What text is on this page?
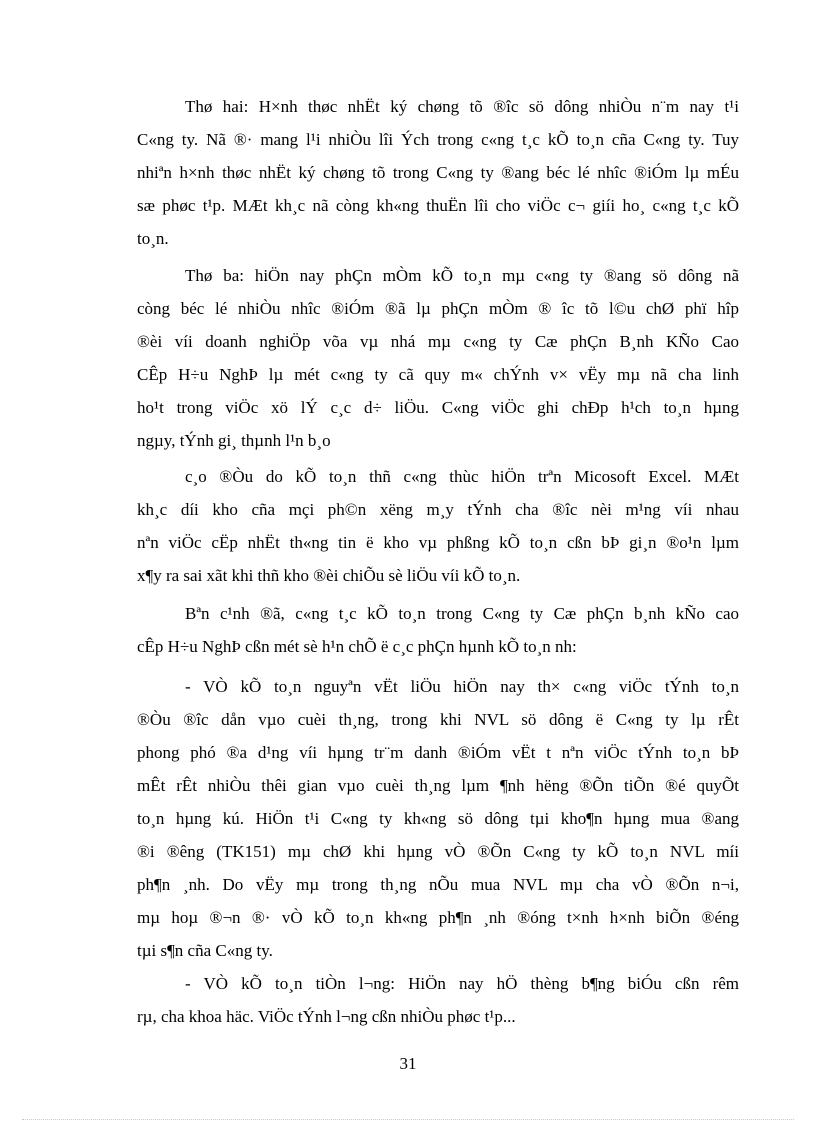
Thø hai: H×nh thøc nhËt ký chøng tõ ®îc sö dông nhiÒu n¨m nay t¹i
C«ng ty. Nã ®· mang l¹i nhiÒu lîi Ých trong c«ng t¸c kÕ to¸n cña C«ng ty. Tuy
nhiªn h×nh thøc nhËt ký chøng tõ trong C«ng ty ®ang béc lé nhîc ®iÓm lµ mÉu
sæ phøc t¹p. MÆt kh¸c nã còng kh«ng thuËn lîi cho viÖc c¬ giíi ho¸ c«ng t¸c kÕ
to¸n.
Thø ba: hiÖn nay phÇn mÒm kÕ to¸n mµ c«ng ty ®ang sö dông nã
còng béc lé nhiÒu nhîc ®iÓm ®ã lµ phÇn mÒm ® îc tõ l©u chØ phï hîp
®èi víi doanh nghiÖp võa vµ nhá mµ c«ng ty Cæ phÇn B¸nh KÑo Cao
CÊp H÷u NghÞ lµ mét c«ng ty cã quy m« chÝnh v× vËy mµ nã cha linh
ho¹t trong viÖc xö lÝ c¸c d÷ liÖu. C«ng viÖc ghi chÐp h¹ch to¸n hµng
ngµy, tÝnh gi¸ thµnh l¹n b¸o
c¸o ®Òu do kÕ to¸n thñ c«ng thùc hiÖn trªn Micosoft Excel. MÆt
kh¸c díi kho cña mçi ph©n xëng m¸y tÝnh cha ®îc nèi m¹ng víi nhau
nªn viÖc cËp nhËt th«ng tin ë kho vµ phßng kÕ to¸n cßn bÞ gi¸n ®o¹n lµm
x¶y ra sai xãt khi thñ kho ®èi chiÕu sè liÖu víi kÕ to¸n.
Bªn c¹nh ®ã, c«ng t¸c kÕ to¸n trong C«ng ty Cæ phÇn b¸nh kÑo cao
cÊp H÷u NghÞ cßn mét sè h¹n chÕ ë c¸c phÇn hµnh kÕ to¸n nh:
- VÒ kÕ to¸n nguyªn vËt liÖu hiÖn nay th× c«ng viÖc tÝnh to¸n
®Òu ®îc dån vµo cuèi th¸ng, trong khi NVL sö dông ë C«ng ty lµ rÊt
phong phó ®a d¹ng víi hµng tr¨m danh ®iÓm vËt t nªn viÖc tÝnh to¸n bÞ
mÊt rÊt nhiÒu thêi gian vµo cuèi th¸ng lµm ¶nh hëng ®Õn tiÕn ®é quyÕt
to¸n hµng kú. HiÖn t¹i C«ng ty kh«ng sö dông tµi kho¶n hµng mua ®ang
®i ®êng (TK151) mµ chØ khi hµng vÒ ®Õn C«ng ty kÕ to¸n NVL míi
ph¶n ¸nh. Do vËy mµ trong th¸ng nÕu mua NVL mµ cha vÒ ®Õn n¬i,
mµ hoµ ®¬n ®· vÒ kÕ to¸n kh«ng ph¶n ¸nh ®óng t×nh h×nh biÕn ®éng
tµi s¶n cña C«ng ty.
- VÒ kÕ to¸n tiÒn l¬ng: HiÖn nay hÖ thèng b¶ng biÓu cßn rêm
rµ, cha khoa häc. ViÖc tÝnh l¬ng cßn nhiÒu phøc t¹p...
31
